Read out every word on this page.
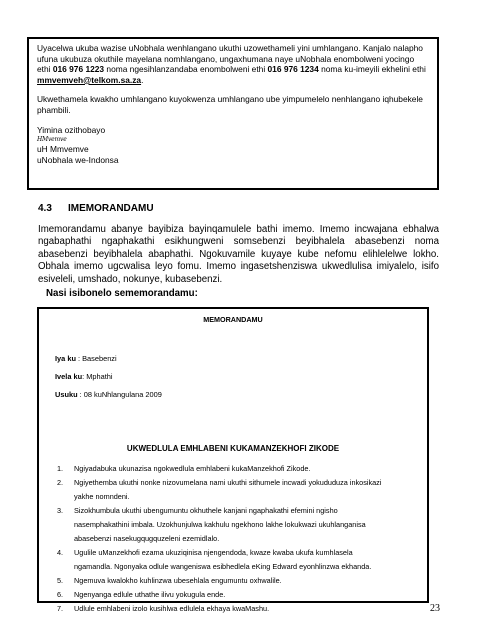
Uyacelwa ukuba wazise uNobhala wenhlangano ukuthi uzowethameli yini umhlangano. Kanjalo nalapho ufuna ukubuza okuthile mayelana nomhlangano, ungaxhumana naye uNobhala enombolweni yocingo ethi 016 976 1223 noma ngesihlanzandaba enombolweni ethi 016 976 1234 noma ku-imeyili ekhelini ethi mmvemveh@telkom.sa.za.

Ukwethamela kwakho umhlangano kuyokwenza umhlangano ube yimpumelelo nenhlangano iqhubekele phambili.

Yimina ozithobayo

HMvemve

uH Mmvemve

uNobhala we-Indonsa

4.3 IMEMORANDAMU

Imemorandamu abanye bayibiza bayinqamulele bathi imemo. Imemo incwajana ebhalwa ngabaphathi ngaphakathi esikhungweni somsebenzi beyibhalela abasebenzi noma abasebenzi beyibhalela abaphathi. Ngokuvamile kuyaye kube nefomu elihlelelwe lokho. Obhala imemo ugcwalisa leyo fomu. Imemo ingasetshenziswa ukwedlulisa imiyalelo, isifo esiveleli, umshado, nokunye, kubasebenzi.

Nasi isibonelo sememorandamu:
MEMORANDAMU
Iya ku : Basebenzi
Ivela ku: Mphathi
Usuku : 08 kuNhlangulana 2009
UKWEDLULA EMHLABENI KUKAMANZEKHOFI ZIKODE
1. Ngiyadabuka ukunazisa ngokwedlula emhlabeni kukaManzekhofi Zikode.
2. Ngiyethemba ukuthi nonke nizovumelana nami ukuthi sithumele incwadi yokududuza inkosikazi
yakhe nomndeni.
3. Sizokhumbula ukuthi ubengumuntu okhuthele kanjani ngaphakathi efemini ngisho
nasemphakathini imbala. Uzokhunjulwa kakhulu ngekhono lakhe lokukwazi ukuhlanganisa
abasebenzi nasekugqugquzeleni ezemidlalo.
4. Ugulile uManzekhofi ezama ukuziqinisa njengendoda, kwaze kwaba ukufa kumhlasela
ngamandla. Ngonyaka odlule wangeniswa esibhedlela eKing Edward eyonhlinzwa ekhanda.
5. Ngemuva kwalokho kuhlinzwa ubesehlala engumuntu oxhwalile.
6. Ngenyanga edlule uthathe ilivu yokugula ende.
7. Udlule emhlabeni izolo kusihlwa edlulela ekhaya kwaMashu.	23
